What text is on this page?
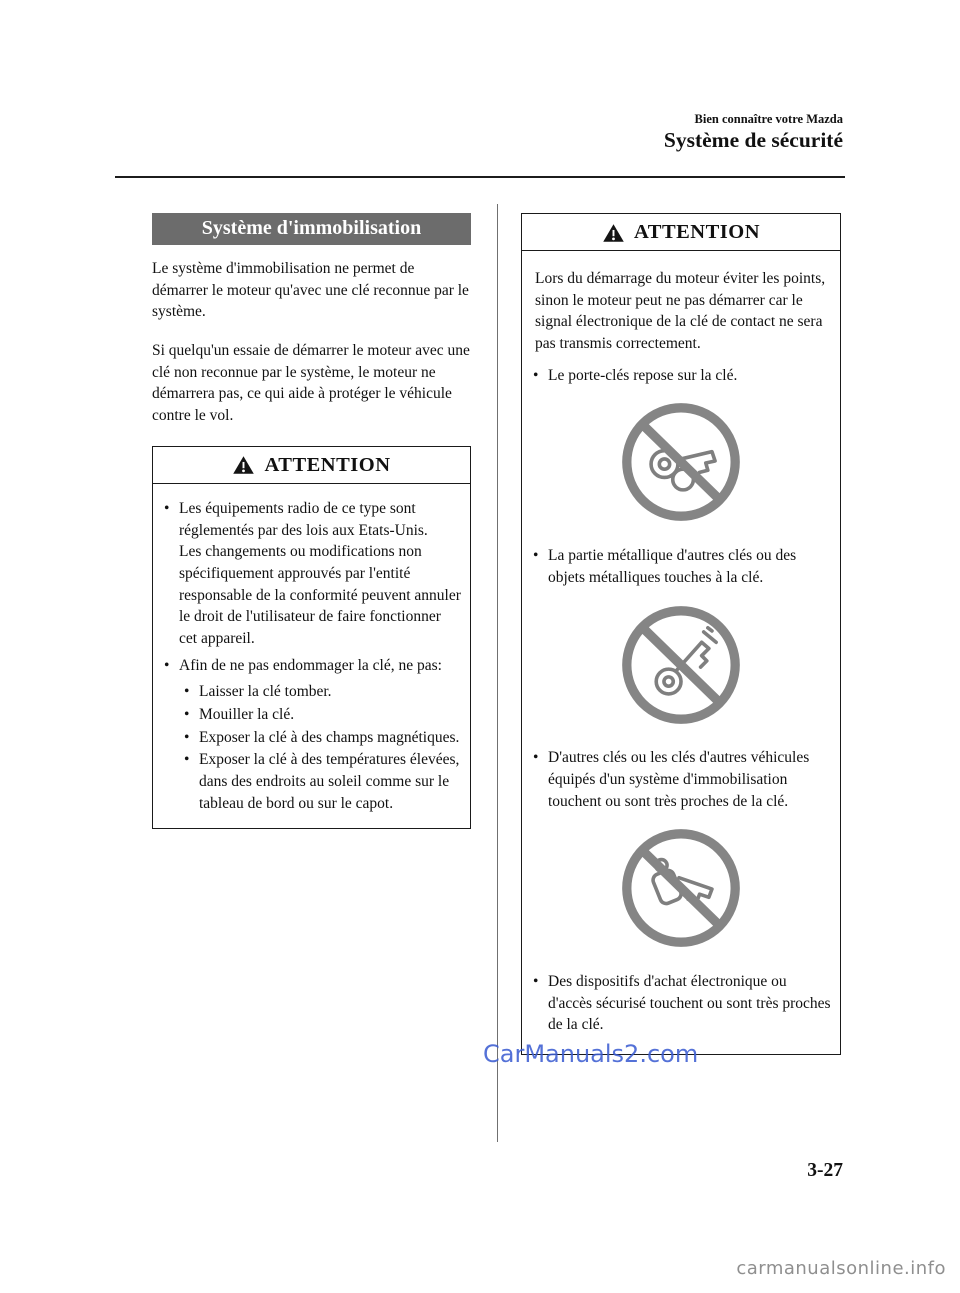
Bien connaître votre Mazda
Système de sécurité
Système d'immobilisation

Le système d'immobilisation ne permet de démarrer le moteur qu'avec une clé reconnue par le système.

Si quelqu'un essaie de démarrer le moteur avec une clé non reconnue par le système, le moteur ne démarrera pas, ce qui aide à protéger le véhicule contre le vol.

ATTENTION
• Les équipements radio de ce type sont réglementés par des lois aux Etats-Unis.
Les changements ou modifications non spécifiquement approuvés par l'entité responsable de la conformité peuvent annuler le droit de l'utilisateur de faire fonctionner cet appareil.
• Afin de ne pas endommager la clé, ne pas:
• Laisser la clé tomber.
• Mouiller la clé.
• Exposer la clé à des champs magnétiques.
• Exposer la clé à des températures élevées, dans des endroits au soleil comme sur le tableau de bord ou sur le capot.
ATTENTION

Lors du démarrage du moteur éviter les points, sinon le moteur peut ne pas démarrer car le signal électronique de la clé de contact ne sera pas transmis correctement.

• Le porte-clés repose sur la clé.
• La partie métallique d'autres clés ou des objets métalliques touches à la clé.
• D'autres clés ou les clés d'autres véhicules équipés d'un système d'immobilisation touchent ou sont très proches de la clé.
• Des dispositifs d'achat électronique ou d'accès sécurisé touchent ou sont très proches de la clé.
CarManuals2.com
3-27
carmanualsonline.info
